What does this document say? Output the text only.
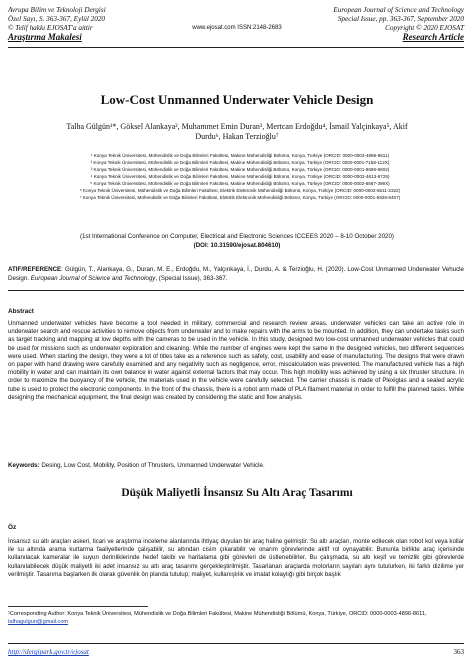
Avrupa Bilim ve Teknoloji Dergisi
Özel Sayı, S. 363-367, Eylül 2020
© Telif hakkı EJOSAT'a aittir
Araştırma Makalesi
www.ejosat.com ISSN:2148-2683
European Journal of Science and Technology
Special Issue, pp. 363-367, September 2020
Copyright © 2020 EJOSAT
Research Article
Low-Cost Unmanned Underwater Vehicle Design
Talha Gülgün¹*, Göksel Alankaya², Muhammet Emin Duran³, Mertcan Erdoğdu⁴, İsmail Yalçinkaya⁵, Akif
Durdu⁶, Hakan Terzioğlu⁷
¹ Konya Teknik Üniversitesi, Mühendislik ve Doğa Bilimleri Fakültesi, Makine Mühendisliği Bölümü, Konya, Türkiye (ORCID: 0000-0003-4896-8611)
² Konya Teknik Üniversitesi, Mühendislik ve Doğa Bilimleri Fakültesi, Makine Mühendisliği Bölümü, Konya, Türkiye (ORCID: 0000-0001-7158-112X)
³ Konya Teknik Üniversitesi, Mühendislik ve Doğa Bilimleri Fakültesi, Makine Mühendisliği Bölümü, Konya, Türkiye (ORCID: 0000-0001-9686-8602)
⁴ Konya Teknik Üniversitesi, Mühendislik ve Doğa Bilimleri Fakültesi, Makine Mühendisliği Bölümü, Konya, Türkiye (ORCID: 0000-0003-4613-8729)
⁵ Konya Teknik Üniversitesi, Mühendislik ve Doğa Bilimleri Fakültesi, Makine Mühendisliği Bölümü, Konya, Türkiye (ORCID: 0000-0002-6567-399X)
⁶ Konya Teknik Üniversitesi, Mühendislik ve Doğa Bilimleri Fakültesi, Elektrik Elektronik Mühendisliği Bölümü, Konya, Türkiye (ORCID: 0000-0002-5611-2322)
⁷ Konya Teknik Üniversitesi, Mühendislik ve Doğa Bilimleri Fakültesi, Elektrik Elektronik Mühendisliği Bölümü, Konya, Türkiye (ORCID: 0000-0001-5928-8457)
(1st International Conference on Computer, Electrical and Electronic Sciences ICCEES 2020 – 8-10 October 2020)
(DOI: 10.31590/ejosat.804610)
ATIF/REFERENCE: Gülgün, T., Alankaya, G., Duran, M. E., Erdoğdu, M., Yalçınkaya, İ., Durdu, A. & Terzioğlu, H. (2020). Low-Cost Unmanned Underwater Vehucle Design. European Journal of Science and Technology, (Special Issue), 363-367.
Abstract
Unmanned underwater vehicles have become a tool needed in military, commercial and research review areas. underwater vehicles can take an active role in underwater search and rescue activities to remove objects from underwater and to make repairs with the arms to be mounted. In addition, they can undertake tasks such as target tracking and mapping at low depths with the cameras to be used in the vehicle. In this study, designed two low-cost unmanned underwater vehicles that could be used for missions such as underwater exploration and cleaning. While the number of engines were kept the same in the designed vehicles, two different sequences were used. When starting the design, they were a lot of titles take as a reference such as safety, cost, usability and ease of manufacturing. The designs that were drawn on paper with hand drawing were carefully examined and any negativity such as negligence, error, miscalculation was prevented. The manufactured vehicle has a high mobility in water and can maintain its own balance in water against external factors that may occur. This high mobility was achieved by using a six thruster structure. In order to maximize the buoyancy of the vehicle, the materials used in the vehicle were carefully selected. The carrier chassis is made of Plexiglas and a sealed acrylic tube is used to protect the electronic components. In the front of the chassis, there is a robot arm made of PLA filament material in order to fulfill the planned tasks. While designing the mechanical equipment, the final design was created by considering the static and flow analysis.
Keywords: Desing, Low Cost, Mobility, Position of Thrusters, Unmanned Underwater Vehicle.
Düşük Maliyetli İnsansız Su Altı Araç Tasarımı
Öz
İnsansız su altı araçları askeri, ticari ve araştırma inceleme alanlarında ihtiyaç duyulan bir araç haline gelmiştir. Su altı araçları, monte edilecek olan robot kol veya kollar ile su altında arama kurtarma faaliyetlerinde çalışabilir, su altından cisim çıkarabilir ve onarım görevlerinde aktif rol oynayabilir. Bununla birlikte araç içerisinde kullanılacak kameralar ile suyun derinliklerinde hedef takibi ve haritalama gibi görevleri de üstlenebilirler. Bu çalışmada, su altı keşif ve temizlik gibi görevlerde kullanılabilecek düşük maliyetli iki adet insansız su altı araç tasarımı gerçekleştirilmiştir. Tasarlanan araçlarda motorların sayıları aynı tutulurken, iki farklı dizilime yer verilmiştir. Tasarıma başlarken ilk olarak güvenlik ön planda tutulup; maliyet, kullanışlılık ve imalat kolaylığı gibi birçok başlık
¹Corresponding Author: Konya Teknik Üniversitesi, Mühendislik ve Doğa Bilimleri Fakültesi, Makine Mühendisliği Bölümü, Konya, Türkiye, ORCID: 0000-0003-4896-8611, talhagulgun@gmail.com
http://dergipark.gov.tr/ejosat	363
